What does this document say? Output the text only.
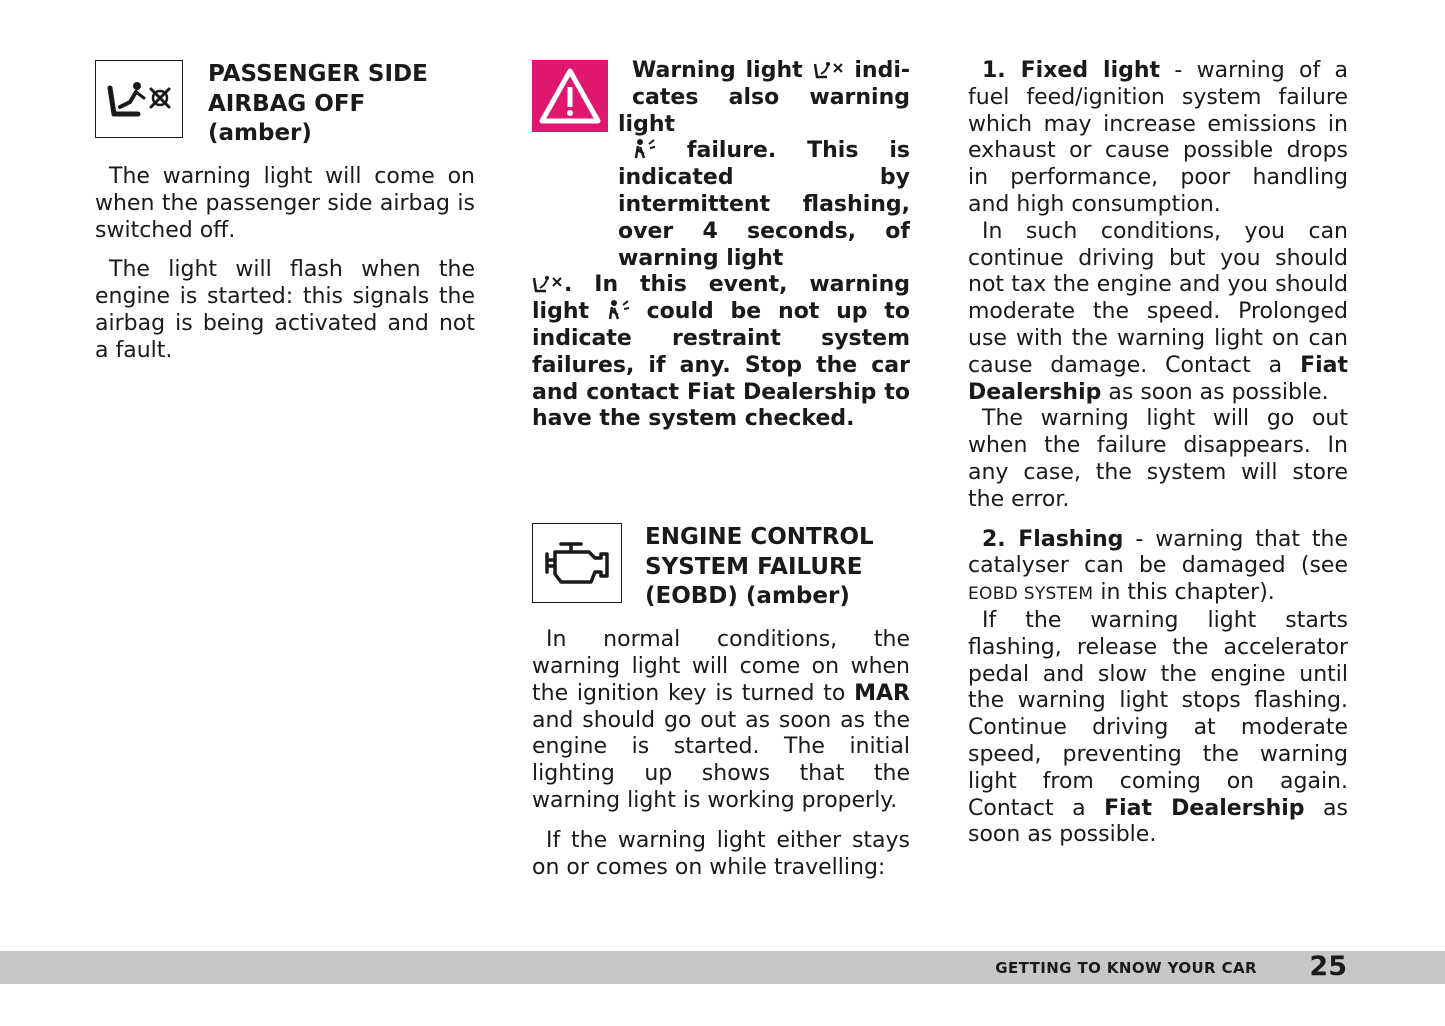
PASSENGER SIDE
AIRBAG OFF
(amber)

The warning light will come on when the passenger side airbag is switched off.

The light will flash when the engine is started: this signals the airbag is being activated and not a fault.

Warning light indi-
cates also warning light
failure. This is indicated by intermittent flashing, over 4 seconds, of warning light
. In this event, warning light	could be not up to indicate restraint system failures, if any. Stop the car and contact Fiat Dealership to have the system checked.

ENGINE CONTROL
SYSTEM FAILURE
(EOBD) (amber)

In normal conditions, the warning light will come on when the ignition key is turned to MAR and should go out as soon as the engine is started. The initial lighting up shows that the warning light is working properly.

If the warning light either stays on or comes on while travelling:

1. Fixed light - warning of a fuel feed/ignition system failure which may increase emissions in exhaust or cause possible drops in performance, poor handling and high consumption.

In such conditions, you can continue driving but you should not tax the engine and you should moderate the speed. Prolonged use with the warning light on can cause damage. Contact a Fiat Dealership as soon as possible.

The warning light will go out when the failure disappears. In any case, the system will store the error.

2. Flashing - warning that the catalyser can be damaged (see EOBD SYSTEM in this chapter).

If the warning light starts flashing, release the accelerator pedal and slow the engine until the warning light stops flashing. Continue driving at moderate speed, preventing the warning light from coming on again. Contact a Fiat Dealership as soon as possible.

GETTING TO KNOW YOUR CAR 25
